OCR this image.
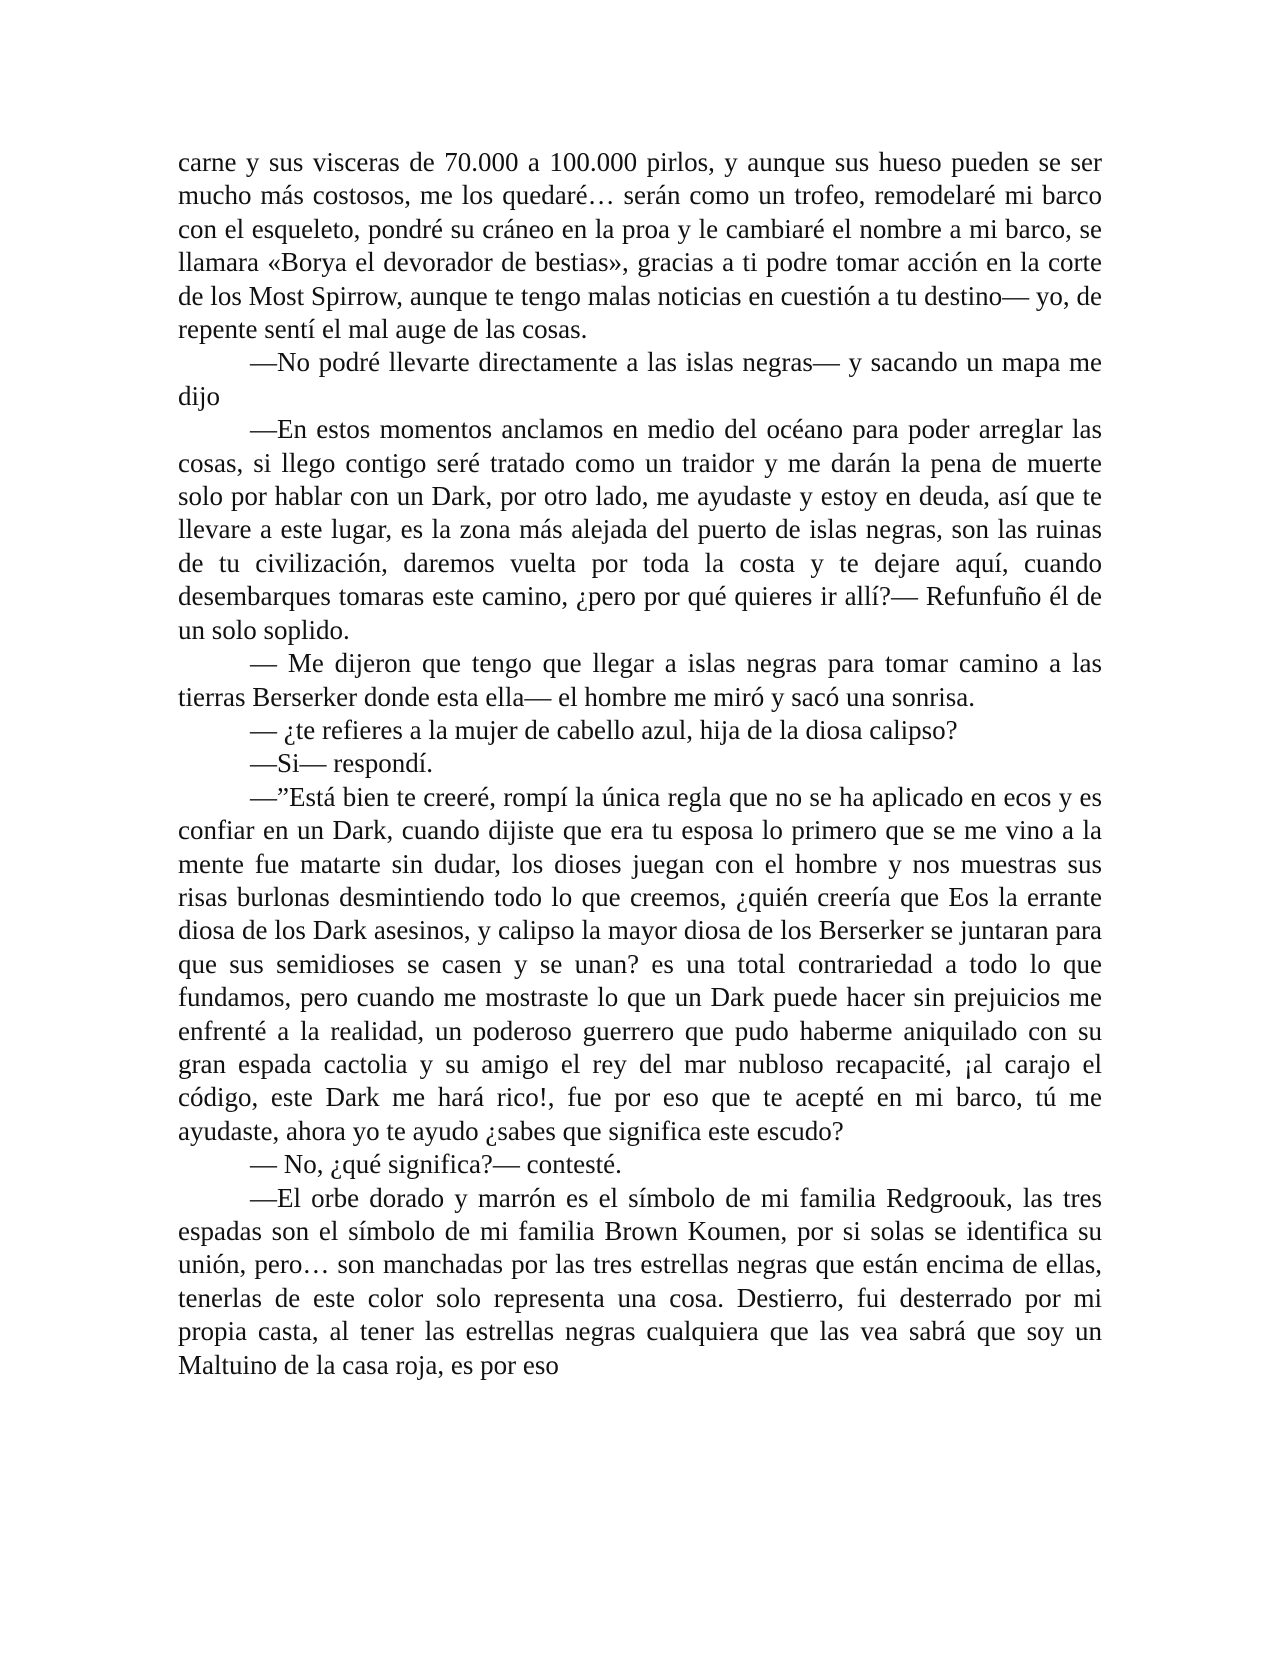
carne y sus visceras de 70.000 a 100.000 pirlos, y aunque sus hueso pueden se ser mucho más costosos, me los quedaré… serán como un trofeo, remodelaré mi barco con el esqueleto, pondré su cráneo en la proa y le cambiaré el nombre a mi barco, se llamara «Borya el devorador de bestias», gracias a ti podre tomar acción en la corte de los Most Spirrow, aunque te tengo malas noticias en cuestión a tu destino— yo, de repente sentí el mal auge de las cosas.

—No podré llevarte directamente a las islas negras— y sacando un mapa me dijo

—En estos momentos anclamos en medio del océano para poder arreglar las cosas, si llego contigo seré tratado como un traidor y me darán la pena de muerte solo por hablar con un Dark, por otro lado, me ayudaste y estoy en deuda, así que te llevare a este lugar, es la zona más alejada del puerto de islas negras, son las ruinas de tu civilización, daremos vuelta por toda la costa y te dejare aquí, cuando desembarques tomaras este camino, ¿pero por qué quieres ir allí?— Refunfuño él de un solo soplido.

— Me dijeron que tengo que llegar a islas negras para tomar camino a las tierras Berserker donde esta ella— el hombre me miró y sacó una sonrisa.

— ¿te refieres a la mujer de cabello azul, hija de la diosa calipso?

—Si— respondí.

—”Está bien te creeré, rompí la única regla que no se ha aplicado en ecos y es confiar en un Dark, cuando dijiste que era tu esposa lo primero que se me vino a la mente fue matarte sin dudar, los dioses juegan con el hombre y nos muestras sus risas burlonas desmintiendo todo lo que creemos, ¿quién creería que Eos la errante diosa de los Dark asesinos, y calipso la mayor diosa de los Berserker se juntaran para que sus semidioses se casen y se unan? es una total contrariedad a todo lo que fundamos, pero cuando me mostraste lo que un Dark puede hacer sin prejuicios me enfrenté a la realidad, un poderoso guerrero que pudo haberme aniquilado con su gran espada cactolia y su amigo el rey del mar nubloso recapacité, ¡al carajo el código, este Dark me hará rico!, fue por eso que te acepté en mi barco, tú me ayudaste, ahora yo te ayudo ¿sabes que significa este escudo?

— No, ¿qué significa?— contesté.

—El orbe dorado y marrón es el símbolo de mi familia Redgroouk, las tres espadas son el símbolo de mi familia Brown Koumen, por si solas se identifica su unión, pero… son manchadas por las tres estrellas negras que están encima de ellas, tenerlas de este color solo representa una cosa. Destierro, fui desterrado por mi propia casta, al tener las estrellas negras cualquiera que las vea sabrá que soy un Maltuino de la casa roja, es por eso
